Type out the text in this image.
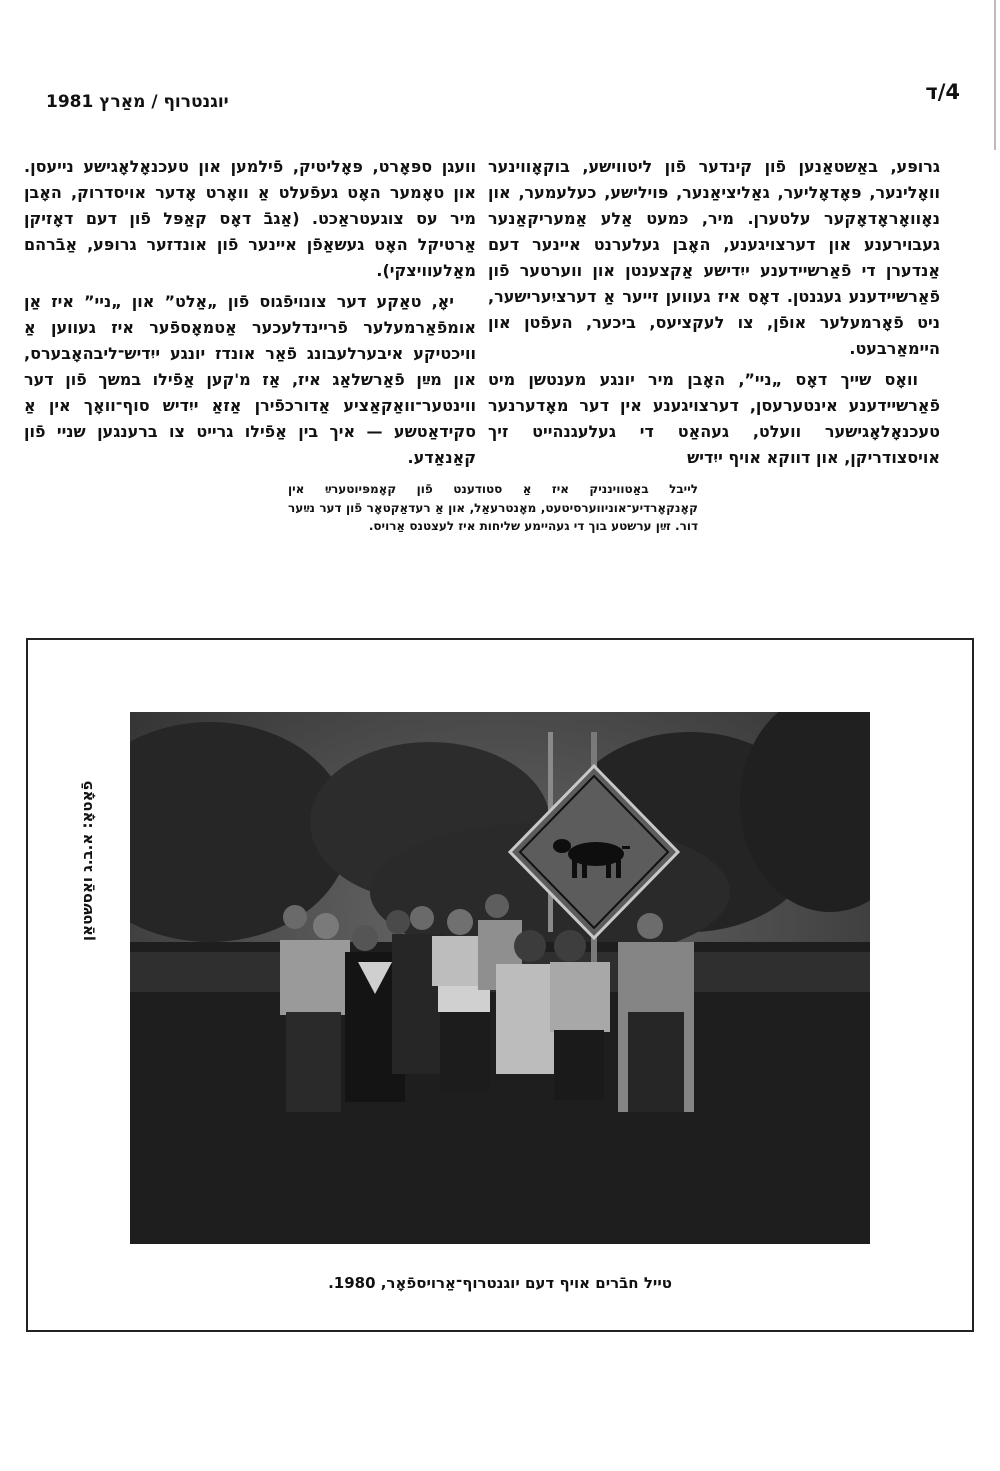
4/ד
יוגנטרוף / מאַרץ 1981

גרופּע, באַשטאַנען פֿון קינדער פֿון ליטווישע, בוקאָווינער וואָלינער, פּאָדאָליער, גאַליציאַנער, פּוילישע, כעלעמער, און נאָוואָראָדאָקער עלטערן. מיר, כּמעט אַלע אַמעריקאַנער געבוירענע און דערצויגענע, האָבן געלערנט איינער דעם אַנדערן די פֿאַרשיידענע ייִדישע אַקצענטן און ווערטער פֿון פֿאַרשיידענע געגנטן. דאָס איז געווען זייער אַ דערציִערישער, ניט פֿאָרמעלער אופֿן, צו לעקציעס, ביכער, העפֿטן און היימאַרבעט.

וואָס שייך דאָס „ניי”, האָבן מיר יונגע מענטשן מיט פֿאַרשיידענע אינטערעסן, דערצויגענע אין דער מאָדערנער טעכנאָלאָגישער וועלט, געהאַט די געלעגנהייט זיך אויסצודריקן, און דווקא אויף ייִדיש

וועגן ספּאָרט, פּאָליטיק, פֿילמען און טעכנאָלאָגישע נייעסן. און טאָמער האָט געפֿעלט אַ וואָרט אָדער אויסדרוק, האָבן מיר עס צוגעטראַכט. (אַגבֿ דאָס קאַפּל פֿון דעם דאָזיקן אַרטיקל האָט געשאַפֿן איינער פֿון אונדזער גרופּע, אַבֿרהם מאַלעוויצקי).

יאָ, טאַקע דער צונויפֿגוס פֿון „אַלט” און „ניי” איז אַן אומפֿאַרמעלער פֿריינדלעכער אַטמאָספֿער איז געווען אַ וויכטיקע איבערלעבונג פֿאַר אונדז יונגע ייִדיש־ליבהאָבערס, און מײַן פֿאַרשלאַג איז, אַז מ'קען אַפֿילו במשך פֿון דער ווינטער־וואַקאַציע אַדורכפֿירן אַזאַ ייִדיש סוף־וואָך אין אַ סקידאַטשע — איך בין אַפֿילו גרייט צו ברענגען שניי פֿון קאַנאַדע.

לייבל באַטווינניק איז אַ סטודענט פֿון קאָמפּיוטערײַ אין קאָנקאָרדיע־אוניווערסיטעט, מאָנטרעאַל, און אַ רעדאַקטאָר פֿון דער נײַער דור. זײַן ערשטע בוך די געהיימע שליחות איז לעצטנס אַרויס.
פֿאָטאָ: א.ב.ג ואַסשטאַן
טייל חבֿרים אויף דעם יוגנטרוף־אַרויספֿאָר, 1980.
